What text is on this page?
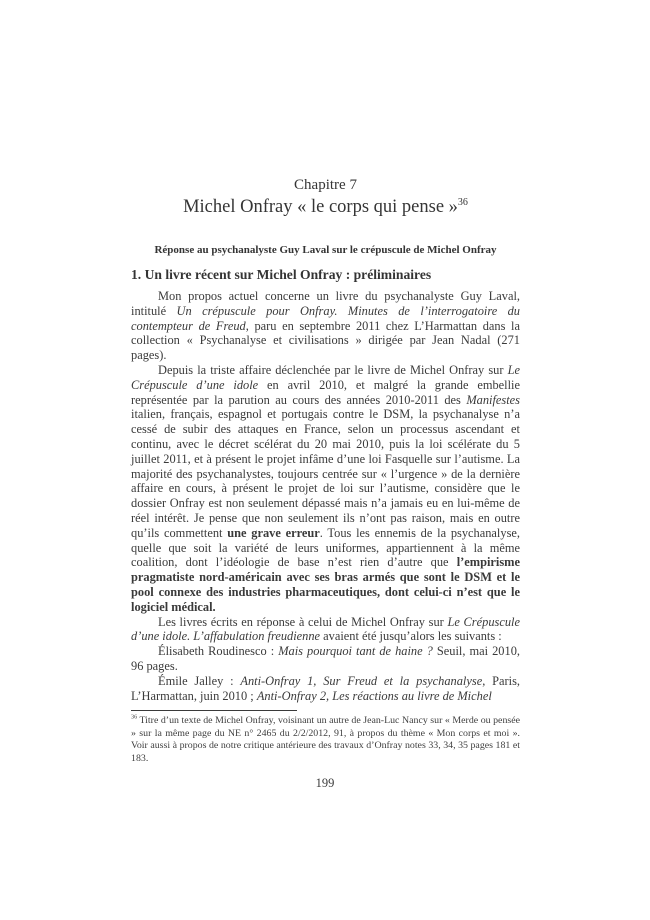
Chapitre 7
Michel Onfray « le corps qui pense »$^{36}$
Réponse au psychanalyste Guy Laval sur le crépuscule de Michel Onfray
1. Un livre récent sur Michel Onfray : préliminaires

Mon propos actuel concerne un livre du psychanalyste Guy Laval, intitulé Un crépuscule pour Onfray. Minutes de l’interrogatoire du contempteur de Freud, paru en septembre 2011 chez L’Harmattan dans la collection « Psychanalyse et civilisations » dirigée par Jean Nadal (271 pages).

Depuis la triste affaire déclenchée par le livre de Michel Onfray sur Le Crépuscule d’une idole en avril 2010, et malgré la grande embellie représentée par la parution au cours des années 2010-2011 des Manifestes italien, français, espagnol et portugais contre le DSM, la psychanalyse n’a cessé de subir des attaques en France, selon un processus ascendant et continu, avec le décret scélérat du 20 mai 2010, puis la loi scélérate du 5 juillet 2011, et à présent le projet infâme d’une loi Fasquelle sur l’autisme. La majorité des psychanalystes, toujours centrée sur « l’urgence » de la dernière affaire en cours, à présent le projet de loi sur l’autisme, considère que le dossier Onfray est non seulement dépassé mais n’a jamais eu en lui-même de réel intérêt. Je pense que non seulement ils n’ont pas raison, mais en outre qu’ils commettent une grave erreur. Tous les ennemis de la psychanalyse, quelle que soit la variété de leurs uniformes, appartiennent à la même coalition, dont l’idéologie de base n’est rien d’autre que l’empirisme pragmatiste nord-américain avec ses bras armés que sont le DSM et le pool connexe des industries pharmaceutiques, dont celui-ci n’est que le logiciel médical.

Les livres écrits en réponse à celui de Michel Onfray sur Le Crépuscule d’une idole. L’affabulation freudienne avaient été jusqu’alors les suivants :

Élisabeth Roudinesco : Mais pourquoi tant de haine ? Seuil, mai 2010, 96 pages.

Émile Jalley : Anti-Onfray 1, Sur Freud et la psychanalyse, Paris, L’Harmattan, juin 2010 ; Anti-Onfray 2, Les réactions au livre de Michel

$^{36}$ Titre d’un texte de Michel Onfray, voisinant un autre de Jean-Luc Nancy sur « Merde ou pensée » sur la même page du NE n° 2465 du 2/2/2012, 91, à propos du thème « Mon corps et moi ». Voir aussi à propos de notre critique antérieure des travaux d’Onfray notes 33, 34, 35 pages 181 et 183.
199
